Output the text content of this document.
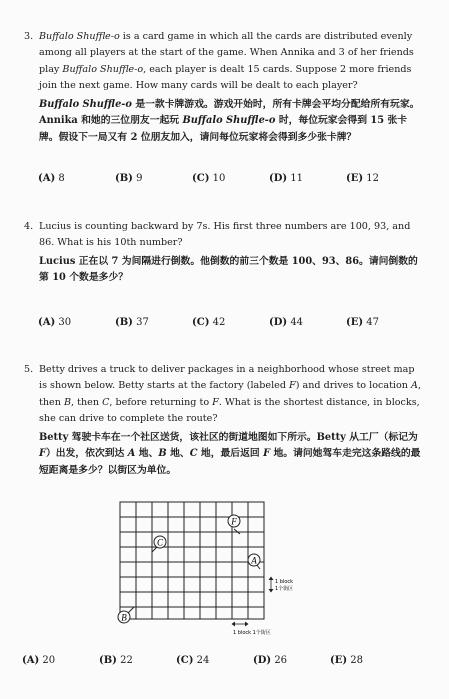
3. Buffalo Shuffle-o is a card game in which all the cards are distributed evenly among all players at the start of the game. When Annika and 3 of her friends play Buffalo Shuffle-o, each player is dealt 15 cards. Suppose 2 more friends join the next game. How many cards will be dealt to each player?
Buffalo Shuffle-o 是一款卡牌游戏。游戏开始时，所有卡牌会平均分配给所有玩家。Annika 和她的三位朋友一起玩 Buffalo Shuffle-o 时，每位玩家会得到 15 张卡牌。假设下一局又有 2 位朋友加入，请问每位玩家将会得到多少张卡牌？
(A) 8	(B) 9	(C) 10	(D) 11	(E) 12
4. Lucius is counting backward by 7s. His first three numbers are 100, 93, and 86. What is his 10th number?
Lucius 正在以 7 为间隔进行倒数。他倒数的前三个数是 100、93、86。请问倒数的第 10 个数是多少？
(A) 30	(B) 37	(C) 42	(D) 44	(E) 47
5. Betty drives a truck to deliver packages in a neighborhood whose street map is shown below. Betty starts at the factory (labeled F) and drives to location A, then B, then C, before returning to F. What is the shortest distance, in blocks, she can drive to complete the route?
Betty 驾驶卡车在一个社区送货，该社区的街道地图如下所示。Betty 从工厂（标记为 F）出发，依次到达 A 地、B 地、C 地，最后返回 F 地。请问她驾车走完这条路线的最短距离是多少？以街区为单位。
F
C
A
B
1 block
1个街区
1 block 1个街区
(A) 20	(B) 22	(C) 24	(D) 26	(E) 28
